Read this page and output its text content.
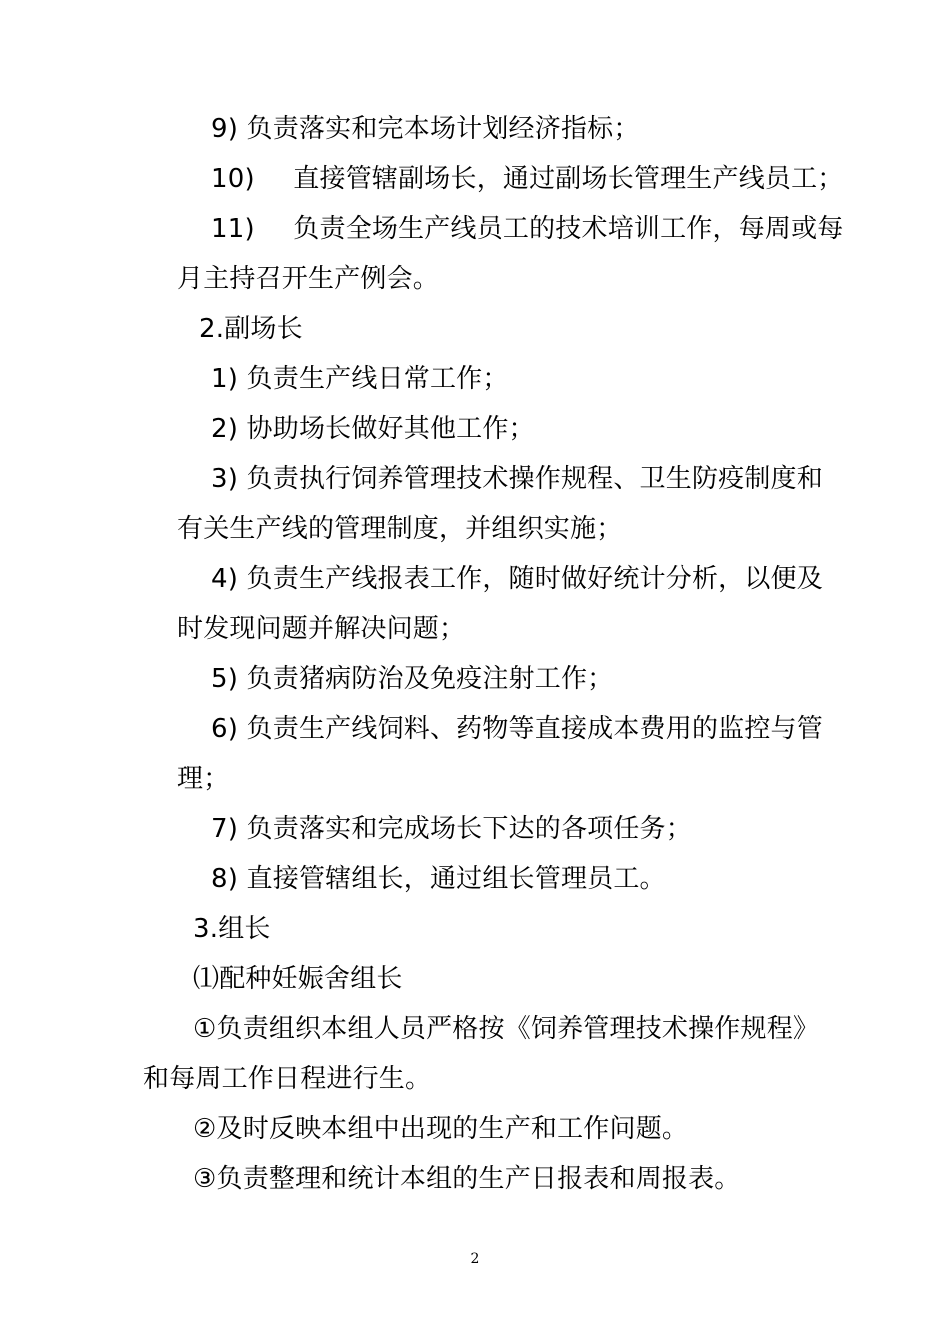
9) 负责落实和完本场计划经济指标；
10) 直接管辖副场长，通过副场长管理生产线员工；
11) 负责全场生产线员工的技术培训工作，每周或每
月主持召开生产例会。
2.副场长
1) 负责生产线日常工作；
2) 协助场长做好其他工作；
3) 负责执行饲养管理技术操作规程、卫生防疫制度和
有关生产线的管理制度，并组织实施；
4) 负责生产线报表工作，随时做好统计分析，以便及
时发现问题并解决问题；
5) 负责猪病防治及免疫注射工作；
6) 负责生产线饲料、药物等直接成本费用的监控与管
理；
7) 负责落实和完成场长下达的各项任务；
8) 直接管辖组长，通过组长管理员工。
3.组长
⑴配种妊娠舍组长
①负责组织本组人员严格按《饲养管理技术操作规程》
和每周工作日程进行生。
②及时反映本组中出现的生产和工作问题。
③负责整理和统计本组的生产日报表和周报表。
2
